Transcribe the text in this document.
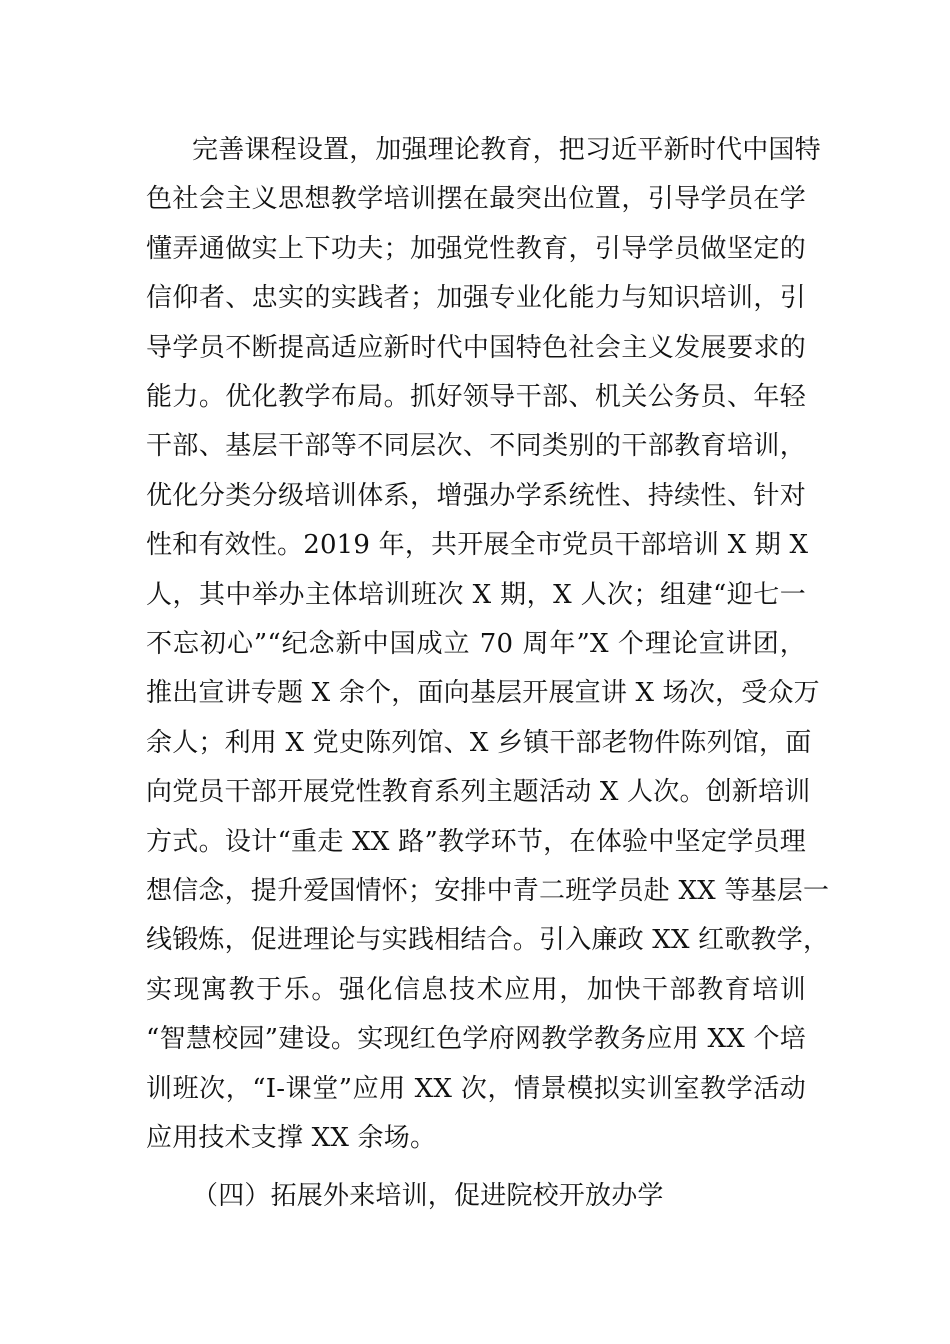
完善课程设置，加强理论教育，把习近平新时代中国特
色社会主义思想教学培训摆在最突出位置，引导学员在学
懂弄通做实上下功夫；加强党性教育，引导学员做坚定的
信仰者、忠实的实践者；加强专业化能力与知识培训，引
导学员不断提高适应新时代中国特色社会主义发展要求的
能力。优化教学布局。抓好领导干部、机关公务员、年轻
干部、基层干部等不同层次、不同类别的干部教育培训，
优化分类分级培训体系，增强办学系统性、持续性、针对
性和有效性。2019 年，共开展全市党员干部培训 X 期 X
人，其中举办主体培训班次 X 期，X 人次；组建“迎七一
不忘初心”“纪念新中国成立 70 周年”X 个理论宣讲团，
推出宣讲专题 X 余个，面向基层开展宣讲 X 场次，受众万
余人；利用 X 党史陈列馆、X 乡镇干部老物件陈列馆，面
向党员干部开展党性教育系列主题活动 X 人次。创新培训
方式。设计“重走 XX 路”教学环节，在体验中坚定学员理
想信念，提升爱国情怀；安排中青二班学员赴 XX 等基层一
线锻炼，促进理论与实践相结合。引入廉政 XX 红歌教学，
实现寓教于乐。强化信息技术应用，加快干部教育培训
“智慧校园”建设。实现红色学府网教学教务应用 XX 个培
训班次，“I-课堂”应用 XX 次，情景模拟实训室教学活动
应用技术支撑 XX 余场。
（四）拓展外来培训，促进院校开放办学
